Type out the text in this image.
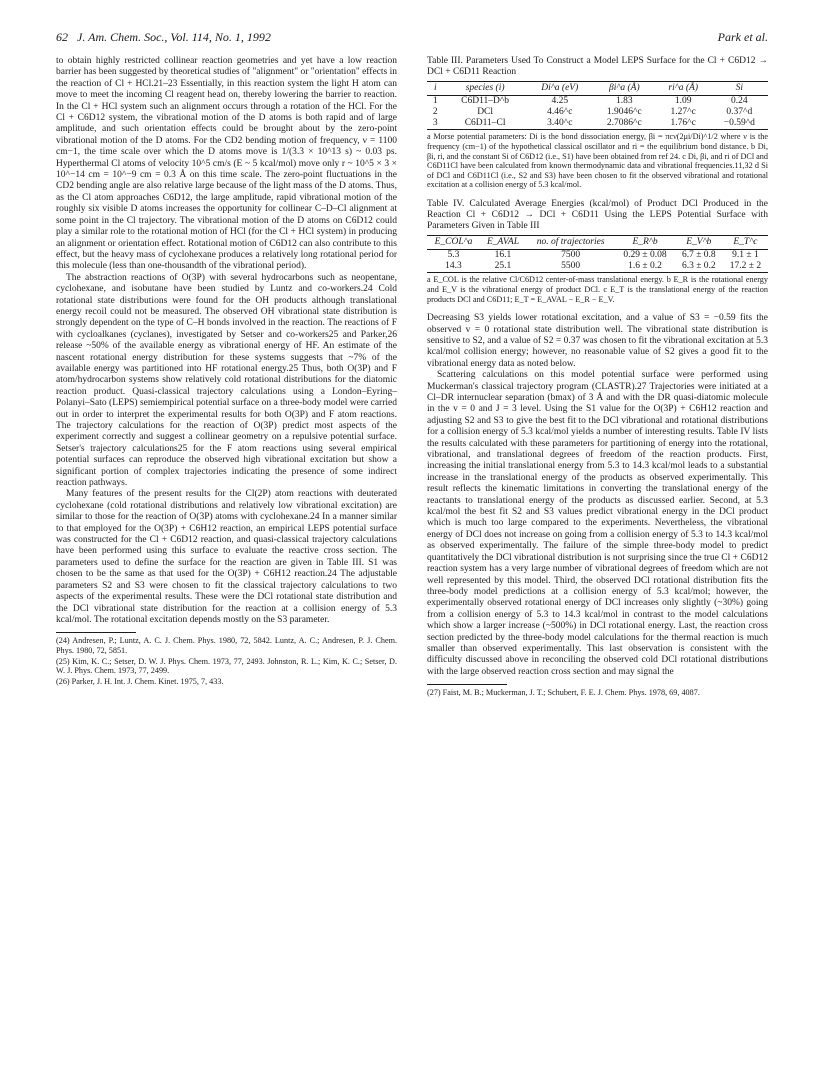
62 J. Am. Chem. Soc., Vol. 114, No. 1, 1992	Park et al.

to obtain highly restricted collinear reaction geometries and yet have a low reaction barrier has been suggested by theoretical studies of "alignment" or "orientation" effects in the reaction of Cl + HCl.21–23 Essentially, in this reaction system the light H atom can move to meet the incoming Cl reagent head on, thereby lowering the barrier to reaction. In the Cl + HCl system such an alignment occurs through a rotation of the HCl. For the Cl + C6D12 system, the vibrational motion of the D atoms is both rapid and of large amplitude, and such orientation effects could be brought about by the zero-point vibrational motion of the D atoms. For the CD2 bending motion of frequency, ν = 1100 cm−1, the time scale over which the D atoms move is 1/(3.3 × 10^13 s) ~ 0.03 ps. Hyperthermal Cl atoms of velocity 10^5 cm/s (E ~ 5 kcal/mol) move only r ~ 10^5 × 3 × 10^−14 cm = 10^−9 cm = 0.3 Å on this time scale. The zero-point fluctuations in the CD2 bending angle are also relative large because of the light mass of the D atoms. Thus, as the Cl atom approaches C6D12, the large amplitude, rapid vibrational motion of the roughly six visible D atoms increases the opportunity for collinear C–D–Cl alignment at some point in the Cl trajectory. The vibrational motion of the D atoms on C6D12 could play a similar role to the rotational motion of HCl (for the Cl + HCl system) in producing an alignment or orientation effect. Rotational motion of C6D12 can also contribute to this effect, but the heavy mass of cyclohexane produces a relatively long rotational period for this molecule (less than one-thousandth of the vibrational period).

The abstraction reactions of O(3P) with several hydrocarbons such as neopentane, cyclohexane, and isobutane have been studied by Luntz and co-workers.24 Cold rotational state distributions were found for the OH products although translational energy recoil could not be measured. The observed OH vibrational state distribution is strongly dependent on the type of C–H bonds involved in the reaction. The reactions of F with cycloalkanes (cyclanes), investigated by Setser and co-workers25 and Parker,26 release ~50% of the available energy as vibrational energy of HF. An estimate of the nascent rotational energy distribution for these systems suggests that ~7% of the available energy was partitioned into HF rotational energy.25 Thus, both O(3P) and F atom/hydrocarbon systems show relatively cold rotational distributions for the diatomic reaction product. Quasi-classical trajectory calculations using a London–Eyring–Polanyi–Sato (LEPS) semiempirical potential surface on a three-body model were carried out in order to interpret the experimental results for both O(3P) and F atom reactions. The trajectory calculations for the reaction of O(3P) predict most aspects of the experiment correctly and suggest a collinear geometry on a repulsive potential surface. Setser's trajectory calculations25 for the F atom reactions using several empirical potential surfaces can reproduce the observed high vibrational excitation but show a significant portion of complex trajectories indicating the presence of some indirect reaction pathways.

Many features of the present results for the Cl(2P) atom reactions with deuterated cyclohexane (cold rotational distributions and relatively low vibrational excitation) are similar to those for the reaction of O(3P) atoms with cyclohexane.24 In a manner similar to that employed for the O(3P) + C6H12 reaction, an empirical LEPS potential surface was constructed for the Cl + C6D12 reaction, and quasi-classical trajectory calculations have been performed using this surface to evaluate the reactive cross section. The parameters used to define the surface for the reaction are given in Table III. S1 was chosen to be the same as that used for the O(3P) + C6H12 reaction.24 The adjustable parameters S2 and S3 were chosen to fit the classical trajectory calculations to two aspects of the experimental results. These were the DCl rotational state distribution and the DCl vibrational state distribution for the reaction at a collision energy of 5.3 kcal/mol. The rotational excitation depends mostly on the S3 parameter.

(24) Andresen, P.; Luntz, A. C. J. Chem. Phys. 1980, 72, 5842. Luntz, A. C.; Andresen, P. J. Chem. Phys. 1980, 72, 5851.
(25) Kim, K. C.; Setser, D. W. J. Phys. Chem. 1973, 77, 2493. Johnston, R. L.; Kim, K. C.; Setser, D. W. J. Phys. Chem. 1973, 77, 2499.
(26) Parker, J. H. Int. J. Chem. Kinet. 1975, 7, 433.
Table III. Parameters Used To Construct a Model LEPS Surface for the Cl + C6D12 → DCl + C6D11 Reaction
i	species (i)	Di^a (eV)	βi^a (Å)	ri^a (Å)	Si
1	C6D11–D^b	4.25	1.83	1.09	0.24
2	DCl	4.46^c	1.9046^c	1.27^c	0.37^d
3	C6D11–Cl	3.40^c	2.7086^c	1.76^c	−0.59^d
a Morse potential parameters: Di is the bond dissociation energy, βi = πcν(2μi/Di)^1/2 where ν is the frequency (cm−1) of the hypothetical classical oscillator and ri = the equilibrium bond distance. b Di, βi, ri, and the constant Si of C6D12 (i.e., S1) have been obtained from ref 24. c Di, βi, and ri of DCl and C6D11Cl have been calculated from known thermodynamic data and vibrational frequencies.11,32 d Si of DCl and C6D11Cl (i.e., S2 and S3) have been chosen to fit the observed vibrational and rotational excitation at a collision energy of 5.3 kcal/mol.
Table IV. Calculated Average Energies (kcal/mol) of Product DCl Produced in the Reaction Cl + C6D12 → DCl + C6D11 Using the LEPS Potential Surface with Parameters Given in Table III
E_COL^a	E_AVAL	no. of trajectories	E_R^b	E_V^b	E_T^c
5.3	16.1	7500	0.29 ± 0.08	6.7 ± 0.8	9.1 ± 1
14.3	25.1	5500	1.6 ± 0.2	6.3 ± 0.2	17.2 ± 2
a E_COL is the relative Cl/C6D12 center-of-mass translational energy. b E_R is the rotational energy and E_V is the vibrational energy of product DCl. c E_T is the translational energy of the reaction products DCl and C6D11; E_T = E_AVAL − E_R − E_V.

Decreasing S3 yields lower rotational excitation, and a value of S3 = −0.59 fits the observed v = 0 rotational state distribution well. The vibrational state distribution is sensitive to S2, and a value of S2 = 0.37 was chosen to fit the vibrational excitation at 5.3 kcal/mol collision energy; however, no reasonable value of S2 gives a good fit to the vibrational energy data as noted below.

Scattering calculations on this model potential surface were performed using Muckerman's classical trajectory program (CLASTR).27 Trajectories were initiated at a Cl–DR internuclear separation (bmax) of 3 Å and with the DR quasi-diatomic molecule in the v = 0 and J = 3 level. Using the S1 value for the O(3P) + C6H12 reaction and adjusting S2 and S3 to give the best fit to the DCl vibrational and rotational distributions for a collision energy of 5.3 kcal/mol yields a number of interesting results. Table IV lists the results calculated with these parameters for partitioning of energy into the rotational, vibrational, and translational degrees of freedom of the reaction products. First, increasing the initial translational energy from 5.3 to 14.3 kcal/mol leads to a substantial increase in the translational energy of the products as observed experimentally. This result reflects the kinematic limitations in converting the translational energy of the reactants to translational energy of the products as discussed earlier. Second, at 5.3 kcal/mol the best fit S2 and S3 values predict vibrational energy in the DCl product which is much too large compared to the experiments. Nevertheless, the vibrational energy of DCl does not increase on going from a collision energy of 5.3 to 14.3 kcal/mol as observed experimentally. The failure of the simple three-body model to predict quantitatively the DCl vibrational distribution is not surprising since the true Cl + C6D12 reaction system has a very large number of vibrational degrees of freedom which are not well represented by this model. Third, the observed DCl rotational distribution fits the three-body model predictions at a collision energy of 5.3 kcal/mol; however, the experimentally observed rotational energy of DCl increases only slightly (~30%) going from a collision energy of 5.3 to 14.3 kcal/mol in contrast to the model calculations which show a larger increase (~500%) in DCl rotational energy. Last, the reaction cross section predicted by the three-body model calculations for the thermal reaction is much smaller than observed experimentally. This last observation is consistent with the difficulty discussed above in reconciling the observed cold DCl rotational distributions with the large observed reaction cross section and may signal the

(27) Faist, M. B.; Muckerman, J. T.; Schubert, F. E. J. Chem. Phys. 1978, 69, 4087.
